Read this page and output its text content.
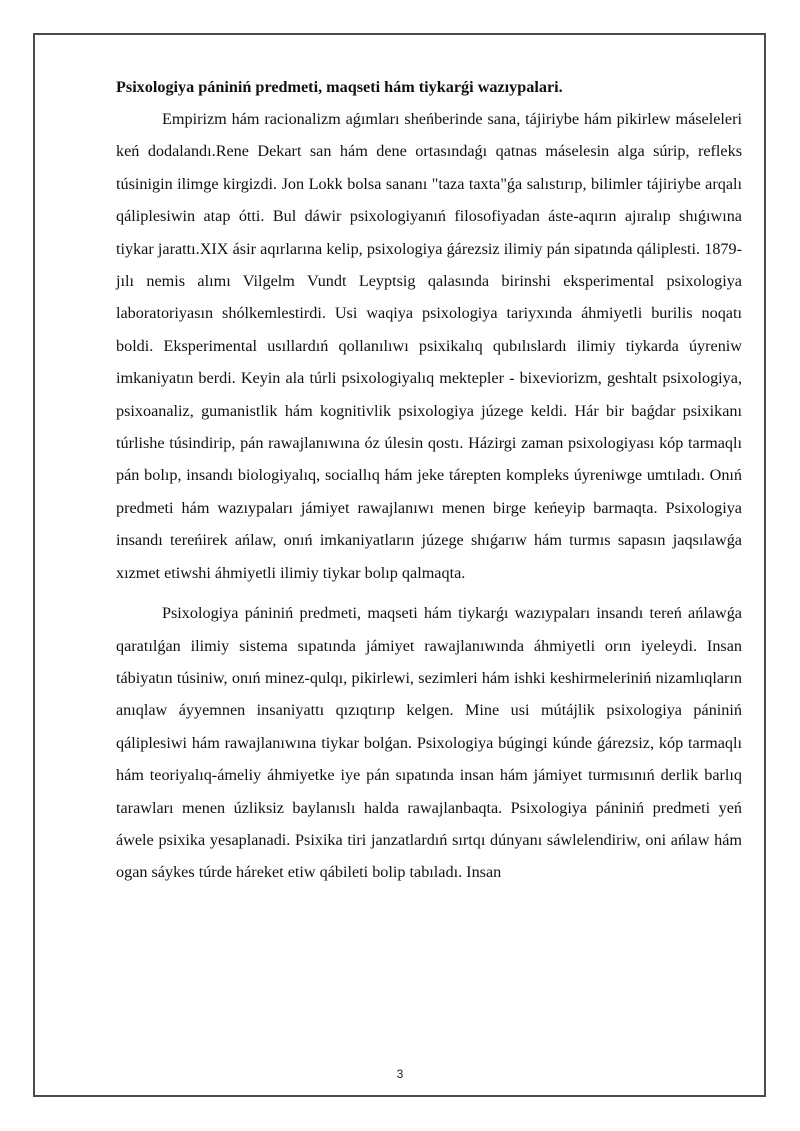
Psixologiya pániniń predmeti, maqseti hám tiykarǵi wazıypalari.

Empirizm hám racionalizm aǵımları sheńberinde sana, tájiriybe hám pikirlew máseleleri keń dodalandı.Rene Dekart san hám dene ortasındaǵı qatnas máselesin alga súrip, refleks túsinigin ilimge kirgizdi. Jon Lokk bolsa sananı "taza taxta"ǵa salıstırıp, bilimler tájiriybe arqalı qáliplesiwin atap ótti. Bul dáwir psixologiyanıń filosofiyadan áste-aqırın ajıralıp shıǵıwına tiykar jarattı.XIX ásir aqırlarına kelip, psixologiya ǵárezsiz ilimiy pán sipatında qáliplesti. 1879-jılı nemis alımı Vilgelm Vundt Leyptsig qalasında birinshi eksperimental psixologiya laboratoriyasın shólkemlestirdi. Usi waqiya psixologiya tariyxında áhmiyetli burilis noqatı boldi. Eksperimental usıllardıń qollanılıwı psixikalıq qubılıslardı ilimiy tiykarda úyreniw imkaniyatın berdi. Keyin ala túrli psixologiyalıq mektepler - bixeviorizm, geshtalt psixologiya, psixoanaliz, gumanistlik hám kognitivlik psixologiya júzege keldi. Hár bir baǵdar psixikanı túrlishe túsindirip, pán rawajlanıwına óz úlesin qostı. Házirgi zaman psixologiyası kóp tarmaqlı pán bolıp, insandı biologiyalıq, sociallıq hám jeke tárepten kompleks úyreniwge umtıladı. Onıń predmeti hám wazıypaları jámiyet rawajlanıwı menen birge keńeyip barmaqta. Psixologiya insandı tereńirek ańlaw, onıń imkaniyatların júzege shıǵarıw hám turmıs sapasın jaqsılawǵa xızmet etiwshi áhmiyetli ilimiy tiykar bolıp qalmaqta.

Psixologiya pániniń predmeti, maqseti hám tiykarǵı wazıypaları insandı tereń ańlawǵa qaratılǵan ilimiy sistema sıpatında jámiyet rawajlanıwında áhmiyetli orın iyeleydi. Insan tábiyatın túsiniw, onıń minez-qulqı, pikirlewi, sezimleri hám ishki keshirmeleriniń nizamlıqların anıqlaw áyyemnen insaniyattı qızıqtırıp kelgen. Mine usi mútájlik psixologiya pániniń qáliplesiwi hám rawajlanıwına tiykar bolǵan. Psixologiya búgingi kúnde ǵárezsiz, kóp tarmaqlı hám teoriyalıq-ámeliy áhmiyetke iye pán sıpatında insan hám jámiyet turmısınıń derlik barlıq tarawları menen úzliksiz baylanıslı halda rawajlanbaqta. Psixologiya pániniń predmeti yeń áwele psixika yesaplanadi. Psixika tiri janzatlardıń sırtqı dúnyanı sáwlelendiriw, oni ańlaw hám ogan sáykes túrde háreket etiw qábileti bolip tabıladı. Insan

3
